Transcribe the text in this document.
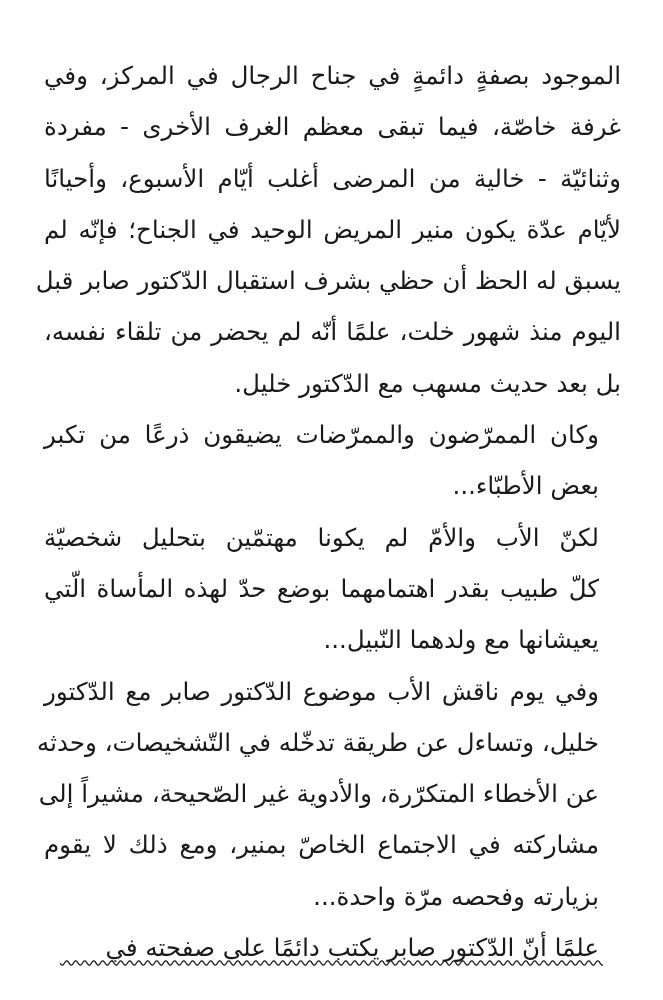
الموجود بصفةٍ دائمةٍ في جناح الرجال في المركز، وفي
غرفة خاصّة، فيما تبقى معظم الغرف الأخرى - مفردة
وثنائيّة - خالية من المرضى أغلب أيّام الأسبوع، وأحيانًا
لأيّام عدّة يكون منير المريض الوحيد في الجناح؛ فإنّه لم
يسبق له الحظ أن حظي بشرف استقبال الدّكتور صابر قبل
اليوم منذ شهور خلت، علمًا أنّه لم يحضر من تلقاء نفسه،
بل بعد حديث مسهب مع الدّكتور خليل.
وكان الممرّضون والممرّضات يضيقون ذرعًا من تكبر
بعض الأطبّاء...
لكنّ الأب والأمّ لم يكونا مهتمّين بتحليل شخصيّة
كلّ طبيب بقدر اهتمامهما بوضع حدّ لهذه المأساة الّتي
يعيشانها مع ولدهما النّبيل...
وفي يوم ناقش الأب موضوع الدّكتور صابر مع الدّكتور
خليل، وتساءل عن طريقة تدخّله في التّشخيصات، وحدثه
عن الأخطاء المتكرّرة، والأدوية غير الصّحيحة، مشيراً إلى
مشاركته في الاجتماع الخاصّ بمنير، ومع ذلك لا يقوم
بزيارته وفحصه مرّة واحدة...
علمًا أنّ الدّكتور صابر يكتب دائمًا على صفحته في
